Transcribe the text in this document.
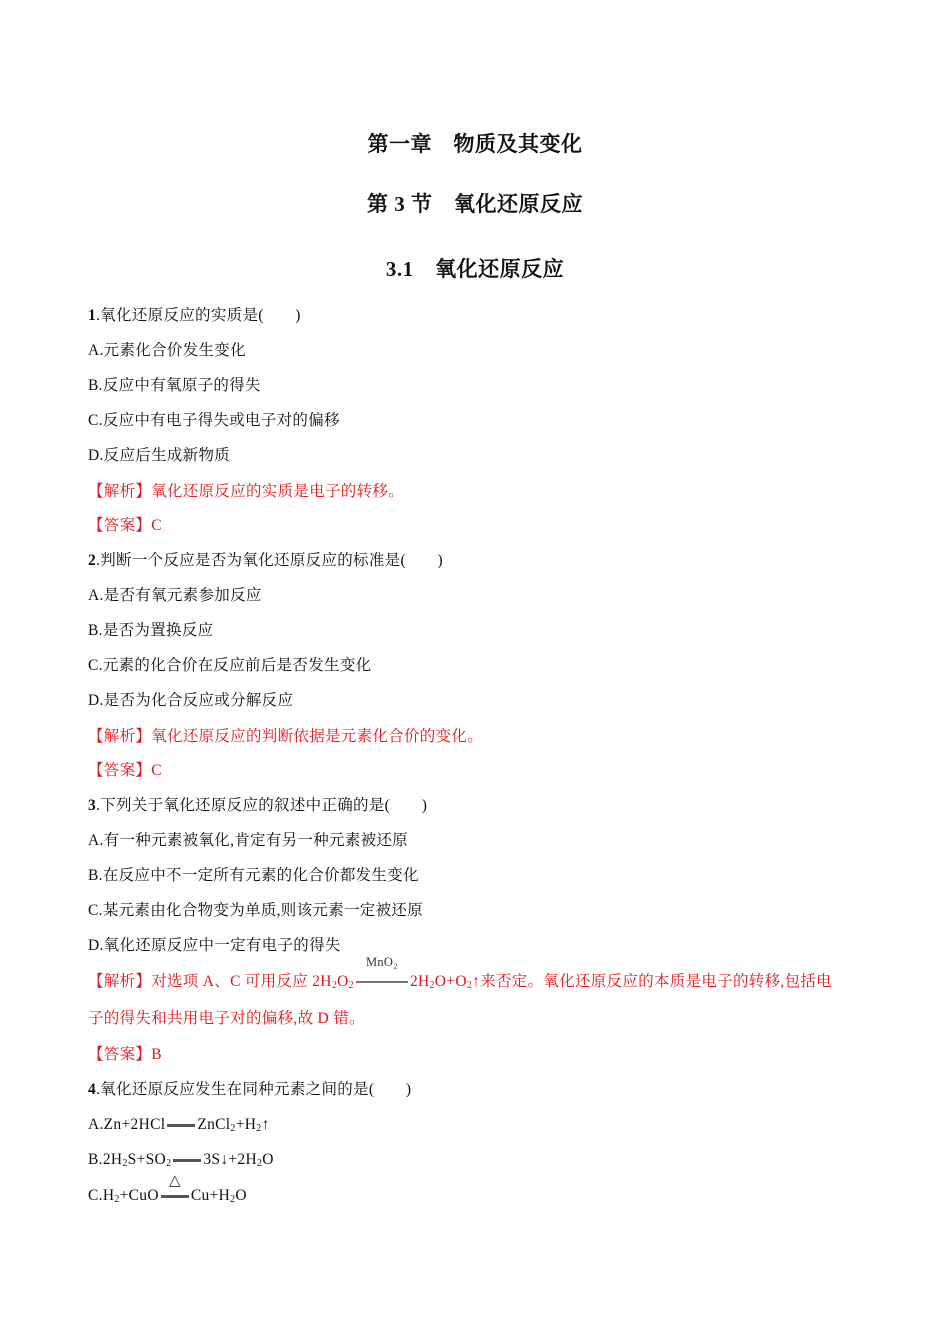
第一章　物质及其变化
第 3 节　氧化还原反应
3.1　氧化还原反应
1.氧化还原反应的实质是(　　)
A.元素化合价发生变化
B.反应中有氧原子的得失
C.反应中有电子得失或电子对的偏移
D.反应后生成新物质
【解析】氧化还原反应的实质是电子的转移。
【答案】C
2.判断一个反应是否为氧化还原反应的标准是(　　)
A.是否有氧元素参加反应
B.是否为置换反应
C.元素的化合价在反应前后是否发生变化
D.是否为化合反应或分解反应
【解析】氧化还原反应的判断依据是元素化合价的变化。
【答案】C
3.下列关于氧化还原反应的叙述中正确的是(　　)
A.有一种元素被氧化,肯定有另一种元素被还原
B.在反应中不一定所有元素的化合价都发生变化
C.某元素由化合物变为单质,则该元素一定被还原
D.氧化还原反应中一定有电子的得失
【解析】对选项 A、C 可用反应 $2H_2O_2$
MnO₂
$2H_2O+O_2↑$来否定。氧化还原反应的本质是电子的转移,包括电
子的得失和共用电子对的偏移,故 D 错。
【答案】B
4.氧化还原反应发生在同种元素之间的是(　　)
A.Zn+2HCl $ZnCl_2+H_2↑$
$B.2H_2S+SO_2$ $3S↓+2H_2O$
$C.H_2+CuO$
△
$Cu+H_2O$
